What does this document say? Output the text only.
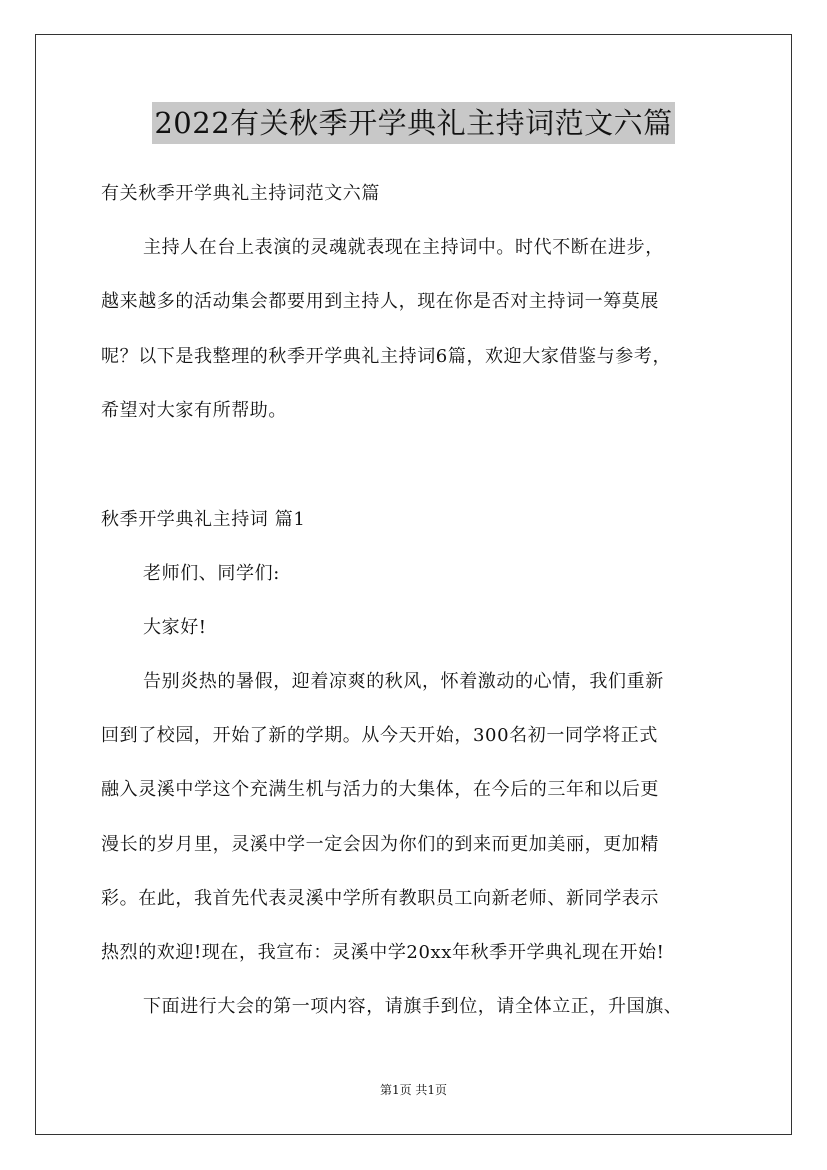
2022有关秋季开学典礼主持词范文六篇
有关秋季开学典礼主持词范文六篇
主持人在台上表演的灵魂就表现在主持词中。时代不断在进步，
越来越多的活动集会都要用到主持人，现在你是否对主持词一筹莫展
呢？以下是我整理的秋季开学典礼主持词6篇，欢迎大家借鉴与参考，
希望对大家有所帮助。
秋季开学典礼主持词 篇1
老师们、同学们:
大家好!
告别炎热的暑假，迎着凉爽的秋风，怀着激动的心情，我们重新
回到了校园，开始了新的学期。从今天开始，300名初一同学将正式
融入灵溪中学这个充满生机与活力的大集体，在今后的三年和以后更
漫长的岁月里，灵溪中学一定会因为你们的到来而更加美丽，更加精
彩。在此，我首先代表灵溪中学所有教职员工向新老师、新同学表示
热烈的欢迎!现在，我宣布：灵溪中学20xx年秋季开学典礼现在开始!
下面进行大会的第一项内容，请旗手到位，请全体立正，升国旗、
第1页 共1页
